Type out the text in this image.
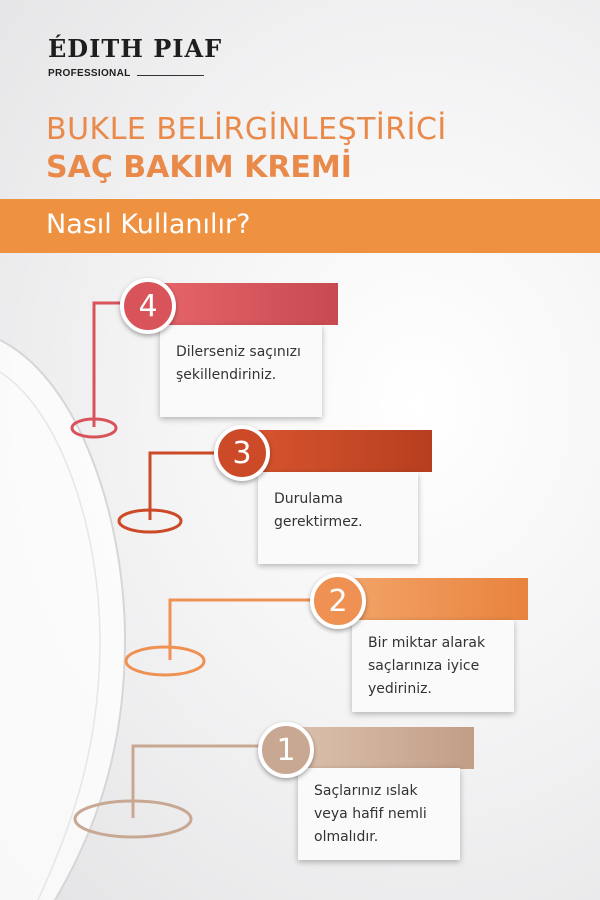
ÉDITH PIAF
PROFESSIONAL
BUKLE BELİRGİNLEŞTİRİCİ
SAÇ BAKIM KREMİ
Nasıl Kullanılır?
Dilerseniz saçınızı
şekillendiriniz.
4
Durulama
gerektirmez.
3
Bir miktar alarak
saçlarınıza iyice
yediriniz.
2
Saçlarınız ıslak
veya hafif nemli
olmalıdır.
1
